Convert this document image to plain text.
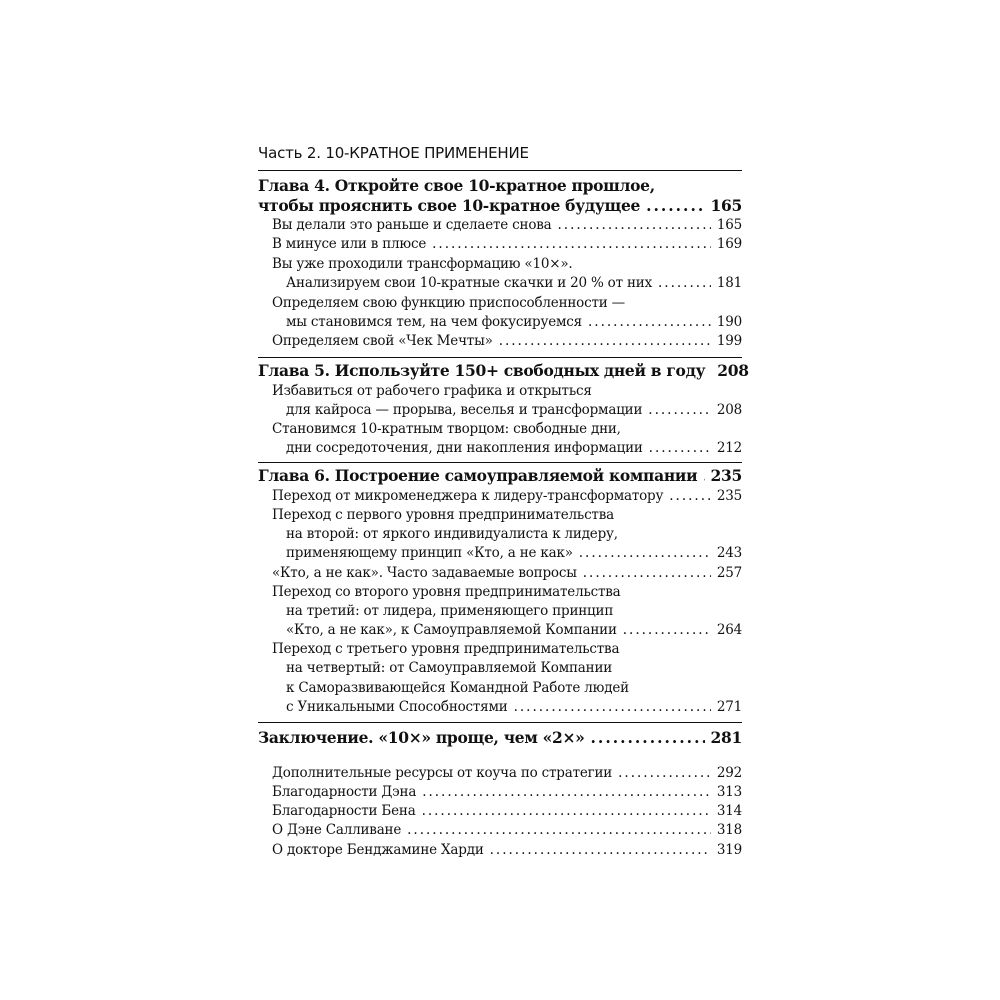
Часть 2. 10-КРАТНОЕ ПРИМЕНЕНИЕ
Глава 4. Откройте свое 10-кратное прошлое,
чтобы прояснить свое 10-кратное будущее .....	165
Вы делали это раньше и сделаете снова .....	165
В минусе или в плюсе .....	169
Вы уже проходили трансформацию «10×».
Анализируем свои 10-кратные скачки и 20 % от них .....	181
Определяем свою функцию приспособленности —
мы становимся тем, на чем фокусируемся .....	190
Определяем свой «Чек Мечты» .....	199
Глава 5. Используйте 150+ свободных дней в году 208
Избавиться от рабочего графика и открыться
для кайроса — прорыва, веселья и трансформации .....	208
Становимся 10-кратным творцом: свободные дни,
дни сосредоточения, дни накопления информации .....	212
Глава 6. Построение самоуправляемой компании ..... 235
Переход от микроменеджера к лидеру-трансформатору .....	235
Переход с первого уровня предпринимательства
на второй: от яркого индивидуалиста к лидеру,
применяющему принцип «Кто, а не как» .....	243
«Кто, а не как». Часто задаваемые вопросы .....	257
Переход со второго уровня предпринимательства
на третий: от лидера, применяющего принцип
«Кто, а не как», к Самоуправляемой Компании .....	264
Переход с третьего уровня предпринимательства
на четвертый: от Самоуправляемой Компании
к Саморазвивающейся Командной Работе людей
с Уникальными Способностями .....	271
Заключение. «10×» проще, чем «2×» .....	281
Дополнительные ресурсы от коуча по стратегии .....	292
Благодарности Дэна .....	313
Благодарности Бена .....	314
О Дэне Салливане .....	318
О докторе Бенджамине Харди .....	319
